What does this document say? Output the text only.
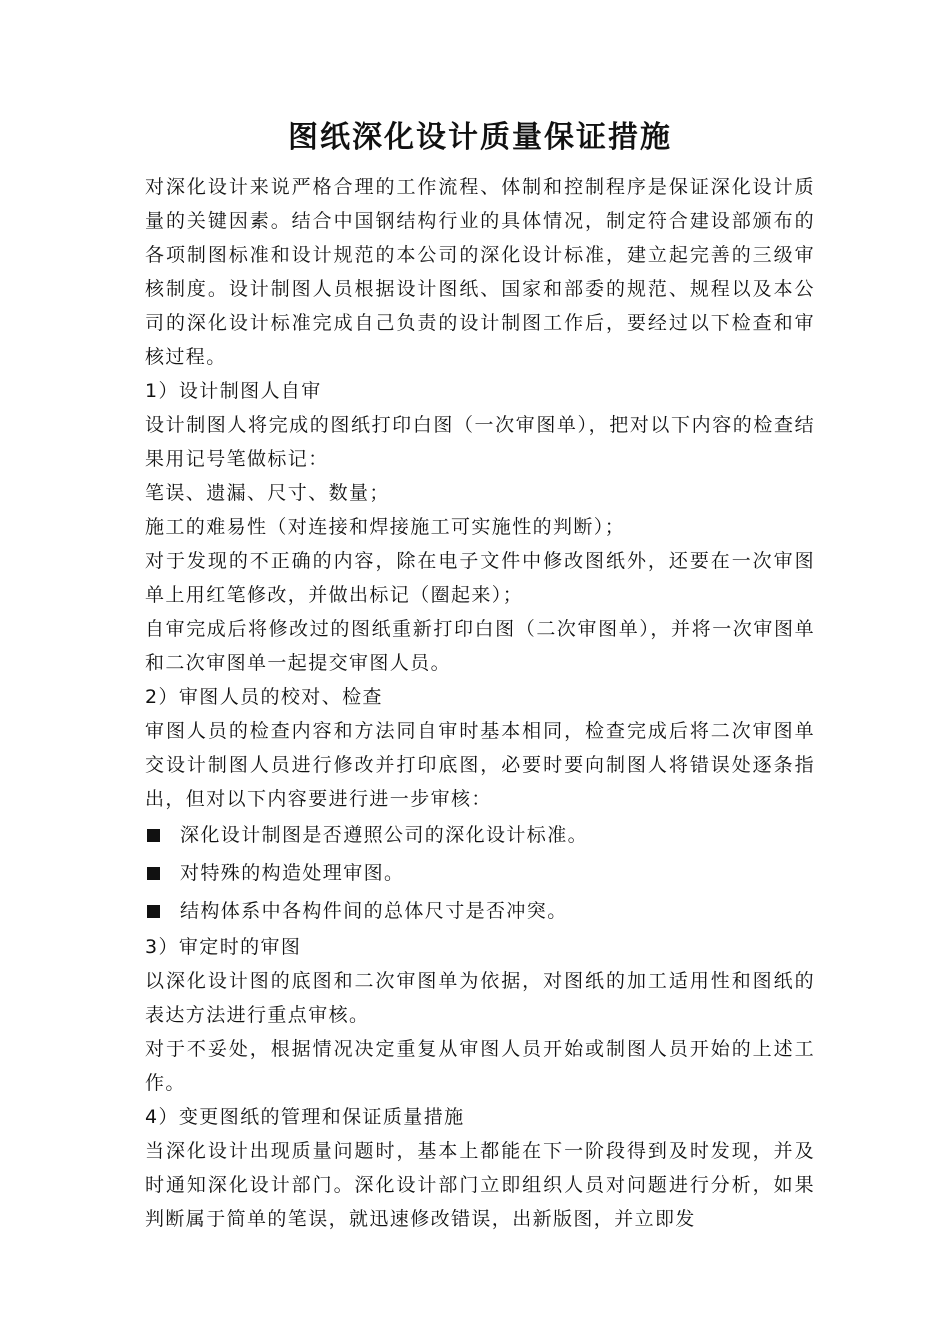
图纸深化设计质量保证措施

对深化设计来说严格合理的工作流程、体制和控制程序是保证深化设计质量的关键因素。结合中国钢结构行业的具体情况，制定符合建设部颁布的各项制图标准和设计规范的本公司的深化设计标准，建立起完善的三级审核制度。设计制图人员根据设计图纸、国家和部委的规范、规程以及本公司的深化设计标准完成自己负责的设计制图工作后，要经过以下检查和审核过程。

1）设计制图人自审

设计制图人将完成的图纸打印白图（一次审图单），把对以下内容的检查结果用记号笔做标记：

笔误、遗漏、尺寸、数量；

施工的难易性（对连接和焊接施工可实施性的判断）；

对于发现的不正确的内容，除在电子文件中修改图纸外，还要在一次审图单上用红笔修改，并做出标记（圈起来）；

自审完成后将修改过的图纸重新打印白图（二次审图单），并将一次审图单和二次审图单一起提交审图人员。

2）审图人员的校对、检查

审图人员的检查内容和方法同自审时基本相同，检查完成后将二次审图单交设计制图人员进行修改并打印底图，必要时要向制图人将错误处逐条指出，但对以下内容要进行进一步审核：

深化设计制图是否遵照公司的深化设计标准。
对特殊的构造处理审图。
结构体系中各构件间的总体尺寸是否冲突。

3）审定时的审图

以深化设计图的底图和二次审图单为依据，对图纸的加工适用性和图纸的表达方法进行重点审核。

对于不妥处，根据情况决定重复从审图人员开始或制图人员开始的上述工作。

4）变更图纸的管理和保证质量措施

当深化设计出现质量问题时，基本上都能在下一阶段得到及时发现，并及时通知深化设计部门。深化设计部门立即组织人员对问题进行分析，如果判断属于简单的笔误，就迅速修改错误，出新版图，并立即发
